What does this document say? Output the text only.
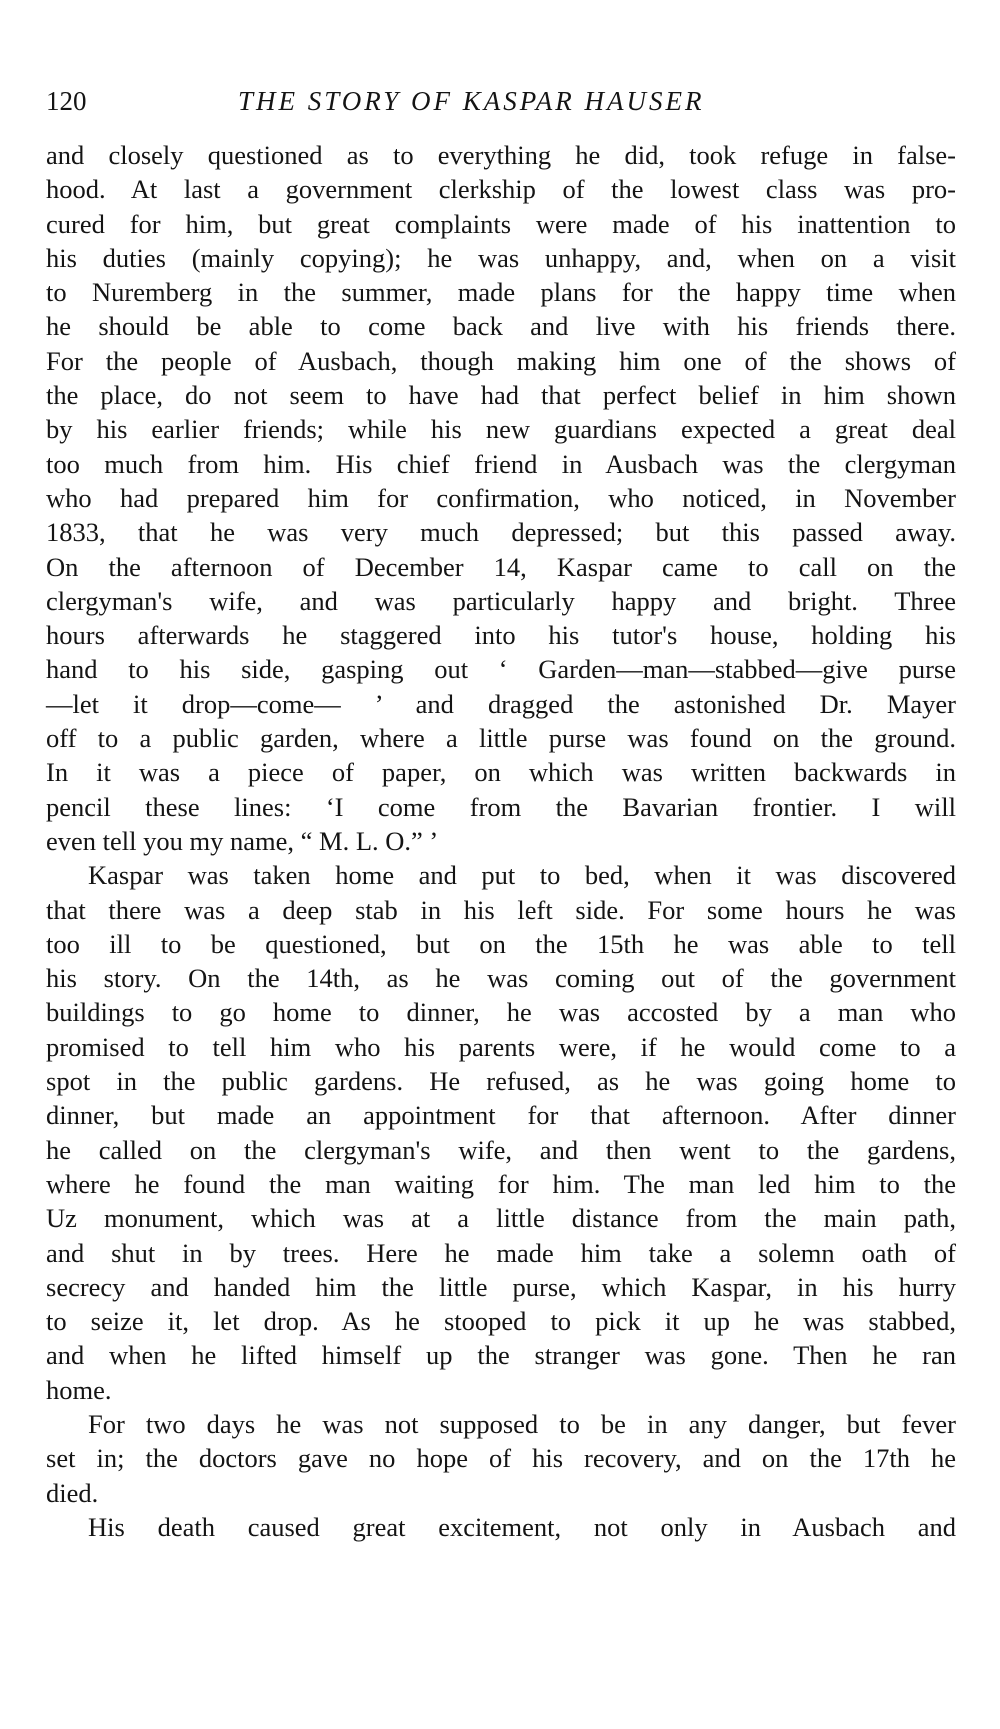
120	THE STORY OF KASPAR HAUSER
and closely questioned as to everything he did, took refuge in false-
hood. At last a government clerkship of the lowest class was pro-
cured for him, but great complaints were made of his inattention to
his duties (mainly copying); he was unhappy, and, when on a visit
to Nuremberg in the summer, made plans for the happy time when
he should be able to come back and live with his friends there.
For the people of Ausbach, though making him one of the shows of
the place, do not seem to have had that perfect belief in him shown
by his earlier friends; while his new guardians expected a great deal
too much from him. His chief friend in Ausbach was the clergyman
who had prepared him for confirmation, who noticed, in November
1833, that he was very much depressed; but this passed away.
On the afternoon of December 14, Kaspar came to call on the
clergyman's wife, and was particularly happy and bright. Three
hours afterwards he staggered into his tutor's house, holding his
hand to his side, gasping out ‘ Garden—man—stabbed—give purse
—let it drop—come— ’ and dragged the astonished Dr. Mayer
off to a public garden, where a little purse was found on the ground.
In it was a piece of paper, on which was written backwards in
pencil these lines: ‘I come from the Bavarian frontier. I will
even tell you my name, “ M. L. O.” ’
Kaspar was taken home and put to bed, when it was discovered
that there was a deep stab in his left side. For some hours he was
too ill to be questioned, but on the 15th he was able to tell
his story. On the 14th, as he was coming out of the government
buildings to go home to dinner, he was accosted by a man who
promised to tell him who his parents were, if he would come to a
spot in the public gardens. He refused, as he was going home to
dinner, but made an appointment for that afternoon. After dinner
he called on the clergyman's wife, and then went to the gardens,
where he found the man waiting for him. The man led him to the
Uz monument, which was at a little distance from the main path,
and shut in by trees. Here he made him take a solemn oath of
secrecy and handed him the little purse, which Kaspar, in his hurry
to seize it, let drop. As he stooped to pick it up he was stabbed,
and when he lifted himself up the stranger was gone. Then he ran
home.
For two days he was not supposed to be in any danger, but fever
set in; the doctors gave no hope of his recovery, and on the 17th he
died.
His death caused great excitement, not only in Ausbach and
